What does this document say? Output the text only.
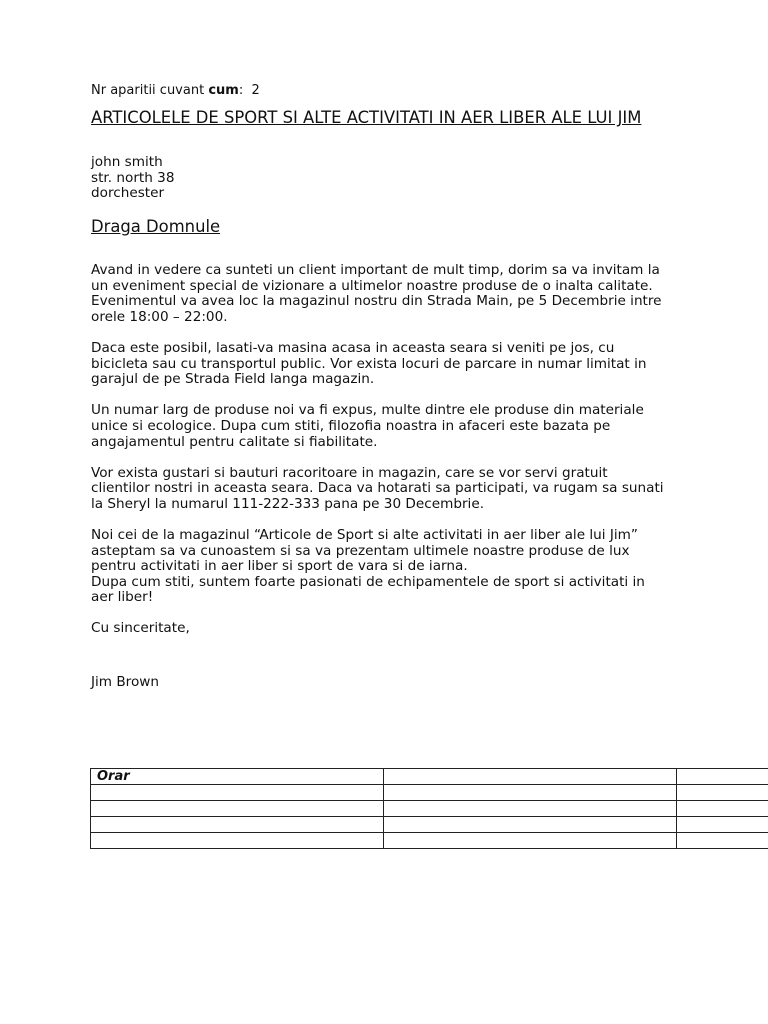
Nr aparitii cuvant cum:  2
ARTICOLELE DE SPORT SI ALTE ACTIVITATI IN AER LIBER ALE LUI JIM
john smith
str. north 38
dorchester
Draga Domnule

Avand in vedere ca sunteti un client important de mult timp, dorim sa va invitam la
un eveniment special de vizionare a ultimelor noastre produse de o inalta calitate.
Evenimentul va avea loc la magazinul nostru din Strada Main, pe 5 Decembrie intre
orele 18:00 – 22:00.

Daca este posibil, lasati-va masina acasa in aceasta seara si veniti pe jos, cu
bicicleta sau cu transportul public. Vor exista locuri de parcare in numar limitat in
garajul de pe Strada Field langa magazin.

Un numar larg de produse noi va fi expus, multe dintre ele produse din materiale
unice si ecologice. Dupa cum stiti, filozofia noastra in afaceri este bazata pe
angajamentul pentru calitate si fiabilitate.

Vor exista gustari si bauturi racoritoare in magazin, care se vor servi gratuit
clientilor nostri in aceasta seara. Daca va hotarati sa participati, va rugam sa sunati
la Sheryl la numarul 111-222-333 pana pe 30 Decembrie.

Noi cei de la magazinul “Articole de Sport si alte activitati in aer liber ale lui Jim”
asteptam sa va cunoastem si sa va prezentam ultimele noastre produse de lux
pentru activitati in aer liber si sport de vara si de iarna.
Dupa cum stiti, suntem foarte pasionati de echipamentele de sport si activitati in
aer liber!

Cu sinceritate,
Jim Brown
Orar		
